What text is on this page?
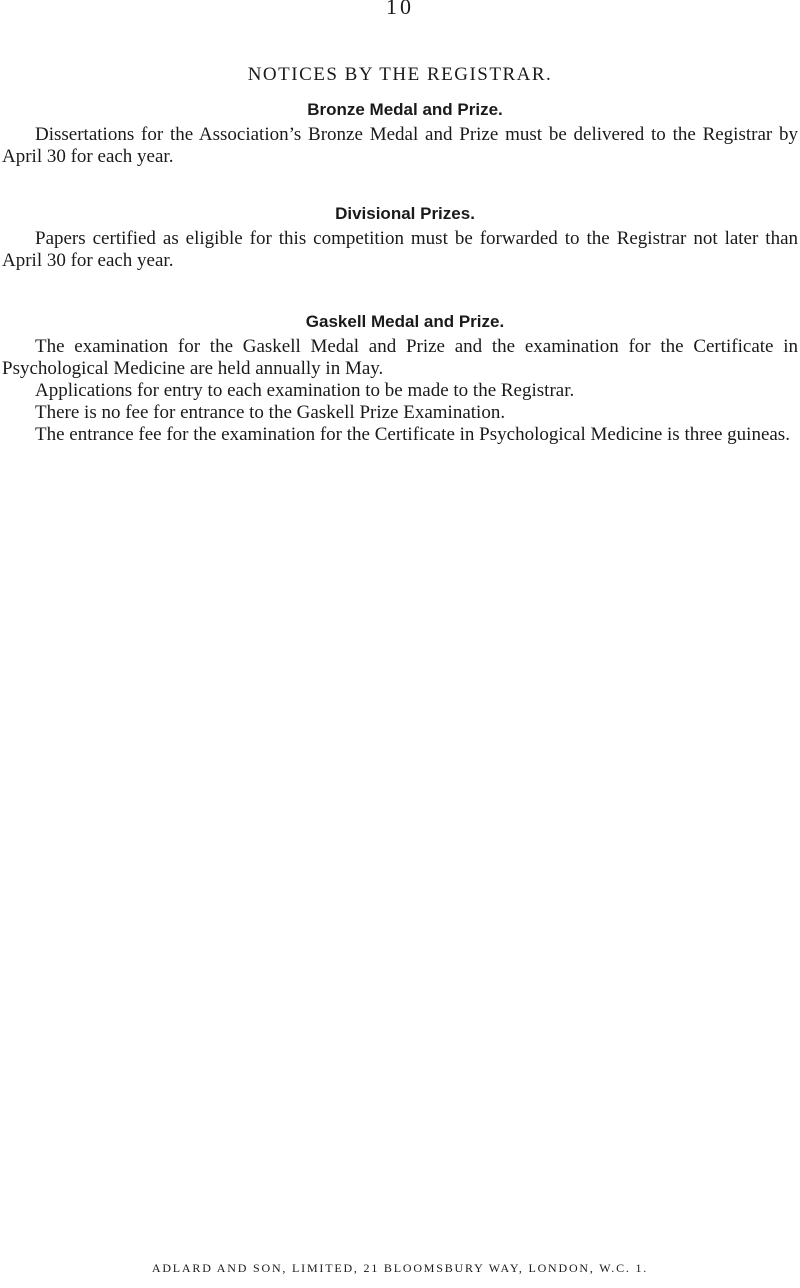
10
NOTICES BY THE REGISTRAR.
Bronze Medal and Prize.

Dissertations for the Association’s Bronze Medal and Prize must be delivered to the Registrar by April 30 for each year.

Divisional Prizes.

Papers certified as eligible for this competition must be forwarded to the Registrar not later than April 30 for each year.

Gaskell Medal and Prize.

The examination for the Gaskell Medal and Prize and the examination for the Certificate in Psychological Medicine are held annually in May.

Applications for entry to each examination to be made to the Registrar.

There is no fee for entrance to the Gaskell Prize Examination.

The entrance fee for the examination for the Certificate in Psychological Medicine is three guineas.

ADLARD AND SON, LIMITED, 21 BLOOMSBURY WAY, LONDON, W.C. 1.
